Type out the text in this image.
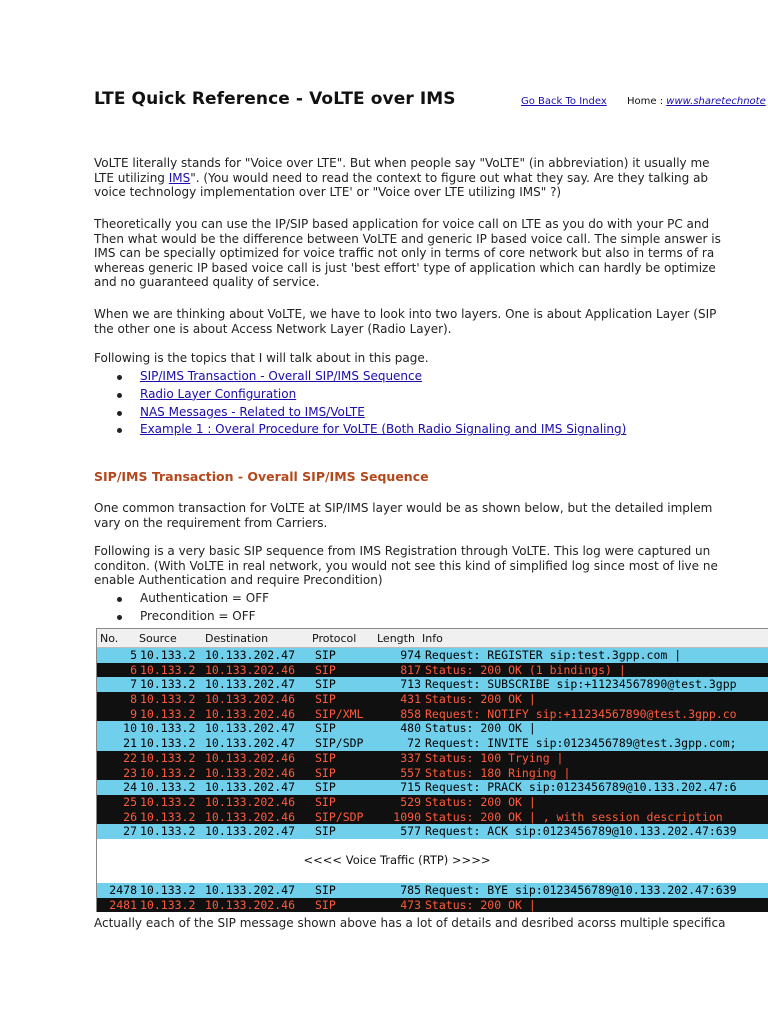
LTE Quick Reference - VoLTE over IMS	Go Back To Index Home : www.sharetechnote

VoLTE literally stands for "Voice over LTE". But when people say "VoLTE" (in abbreviation) it usually me
LTE utilizing IMS". (You would need to read the context to figure out what they say. Are they talking ab
voice technology implementation over LTE' or "Voice over LTE utilizing IMS" ?)

Theoretically you can use the IP/SIP based application for voice call on LTE as you do with your PC and
Then what would be the difference between VoLTE and generic IP based voice call. The simple answer is
IMS can be specially optimized for voice traffic not only in terms of core network but also in terms of ra
whereas generic IP based voice call is just 'best effort' type of application which can hardly be optimize
and no guaranteed quality of service.

When we are thinking about VoLTE, we have to look into two layers. One is about Application Layer (SIP
the other one is about Access Network Layer (Radio Layer).

Following is the topics that I will talk about in this page.

SIP/IMS Transaction - Overall SIP/IMS Sequence
Radio Layer Configuration
NAS Messages - Related to IMS/VoLTE
Example 1 : Overal Procedure for VoLTE (Both Radio Signaling and IMS Signaling)
SIP/IMS Transaction - Overall SIP/IMS Sequence

One common transaction for VoLTE at SIP/IMS layer would be as shown below, but the detailed implem
vary on the requirement from Carriers.

Following is a very basic SIP sequence from IMS Registration through VoLTE. This log were captured un
conditon. (With VoLTE in real network, you would not see this kind of simplified log since most of live ne
enable Authentication and require Precondition)

Authentication = OFF
Precondition = OFF

Actually each of the SIP message shown above has a lot of details and desribed acorss multiple specifica

No. Source	Destination	Protocol Length Info
5 10.133.2 10.133.202.47 SIP	974 Request: REGISTER sip:test.3gpp.com |
6 10.133.2 10.133.202.46 SIP	817 Status: 200 OK (1 bindings) |
7 10.133.2 10.133.202.47 SIP	713 Request: SUBSCRIBE sip:+11234567890@test.3gpp
8 10.133.2 10.133.202.46 SIP	431 Status: 200 OK |
9 10.133.2 10.133.202.46 SIP/XML	858 Request: NOTIFY sip:+11234567890@test.3gpp.co
10 10.133.2 10.133.202.47 SIP	480 Status: 200 OK |
21 10.133.2 10.133.202.47 SIP/SDP	72 Request: INVITE sip:0123456789@test.3gpp.com;
22 10.133.2 10.133.202.46 SIP	337 Status: 100 Trying |
23 10.133.2 10.133.202.46 SIP	557 Status: 180 Ringing |
24 10.133.2 10.133.202.47 SIP	715 Request: PRACK sip:0123456789@10.133.202.47:6
25 10.133.2 10.133.202.46 SIP	529 Status: 200 OK |
26 10.133.2 10.133.202.46 SIP/SDP	1090 Status: 200 OK | , with session description
27 10.133.2 10.133.202.47 SIP	577 Request: ACK sip:0123456789@10.133.202.47:639
<<<< Voice Traffic (RTP) >>>>
2478 10.133.2 10.133.202.47 SIP	785 Request: BYE sip:0123456789@10.133.202.47:639
2481 10.133.2 10.133.202.46 SIP	473 Status: 200 OK |
